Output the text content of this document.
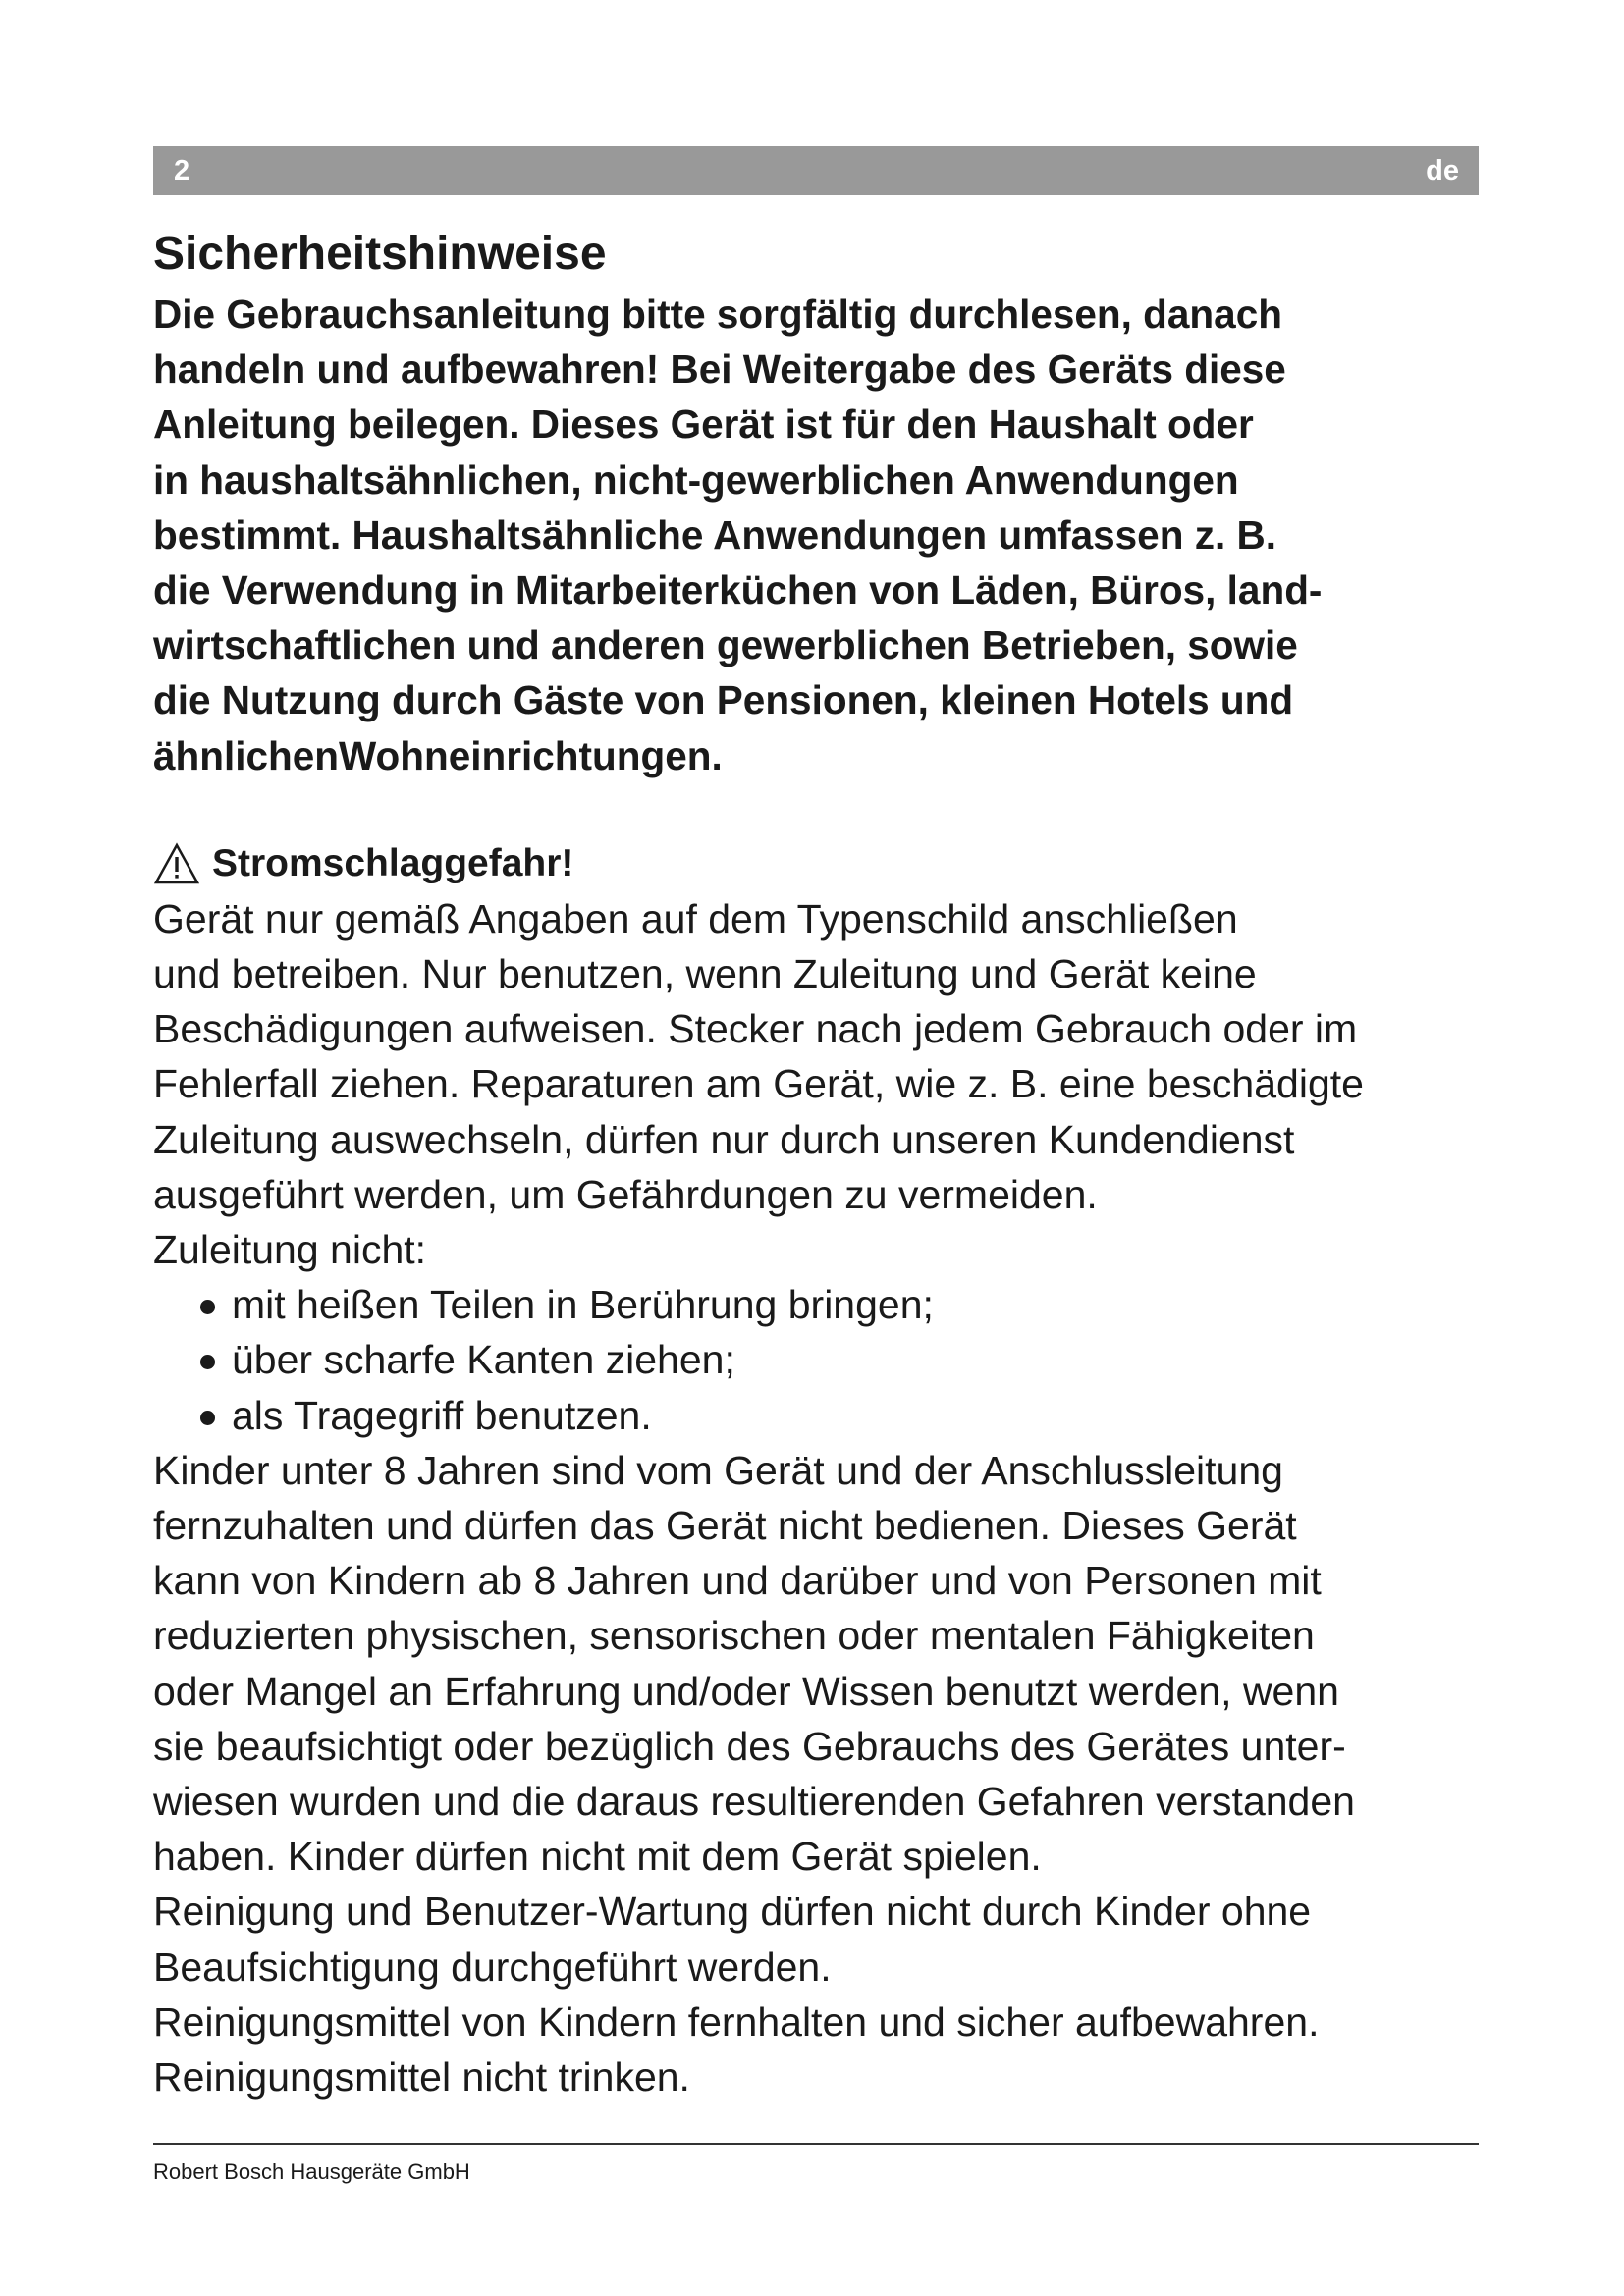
2	de
Sicherheitshinweise

Die Gebrauchsanleitung bitte sorgfältig durchlesen, danach
handeln und aufbewahren! Bei Weitergabe des Geräts diese
Anleitung beilegen. Dieses Gerät ist für den Haushalt oder
in haushaltsähnlichen, nicht-gewerblichen Anwendungen
bestimmt. Haushaltsähnliche Anwendungen umfassen z. B.
die Verwendung in Mitarbeiterküchen von Läden, Büros, land-
wirtschaftlichen und anderen gewerblichen Betrieben, sowie
die Nutzung durch Gäste von Pensionen, kleinen Hotels und
ähnlichenWohneinrichtungen.

Stromschlaggefahr!

Gerät nur gemäß Angaben auf dem Typenschild anschließen
und betreiben. Nur benutzen, wenn Zuleitung und Gerät keine
Beschädigungen aufweisen. Stecker nach jedem Gebrauch oder im
Fehlerfall ziehen. Reparaturen am Gerät, wie z. B. eine beschädigte
Zuleitung auswechseln, dürfen nur durch unseren Kundendienst
ausgeführt werden, um Gefährdungen zu vermeiden.
Zuleitung nicht:

mit heißen Teilen in Berührung bringen;
über scharfe Kanten ziehen;
als Tragegriff benutzen.

Kinder unter 8 Jahren sind vom Gerät und der Anschlussleitung
fernzuhalten und dürfen das Gerät nicht bedienen. Dieses Gerät
kann von Kindern ab 8 Jahren und darüber und von Personen mit
reduzierten physischen, sensorischen oder mentalen Fähigkeiten
oder Mangel an Erfahrung und/oder Wissen benutzt werden, wenn
sie beaufsichtigt oder bezüglich des Gebrauchs des Gerätes unter-
wiesen wurden und die daraus resultierenden Gefahren verstanden
haben. Kinder dürfen nicht mit dem Gerät spielen.

Reinigung und Benutzer-Wartung dürfen nicht durch Kinder ohne
Beaufsichtigung durchgeführt werden.

Reinigungsmittel von Kindern fernhalten und sicher aufbewahren.
Reinigungsmittel nicht trinken.

Robert Bosch Hausgeräte GmbH
